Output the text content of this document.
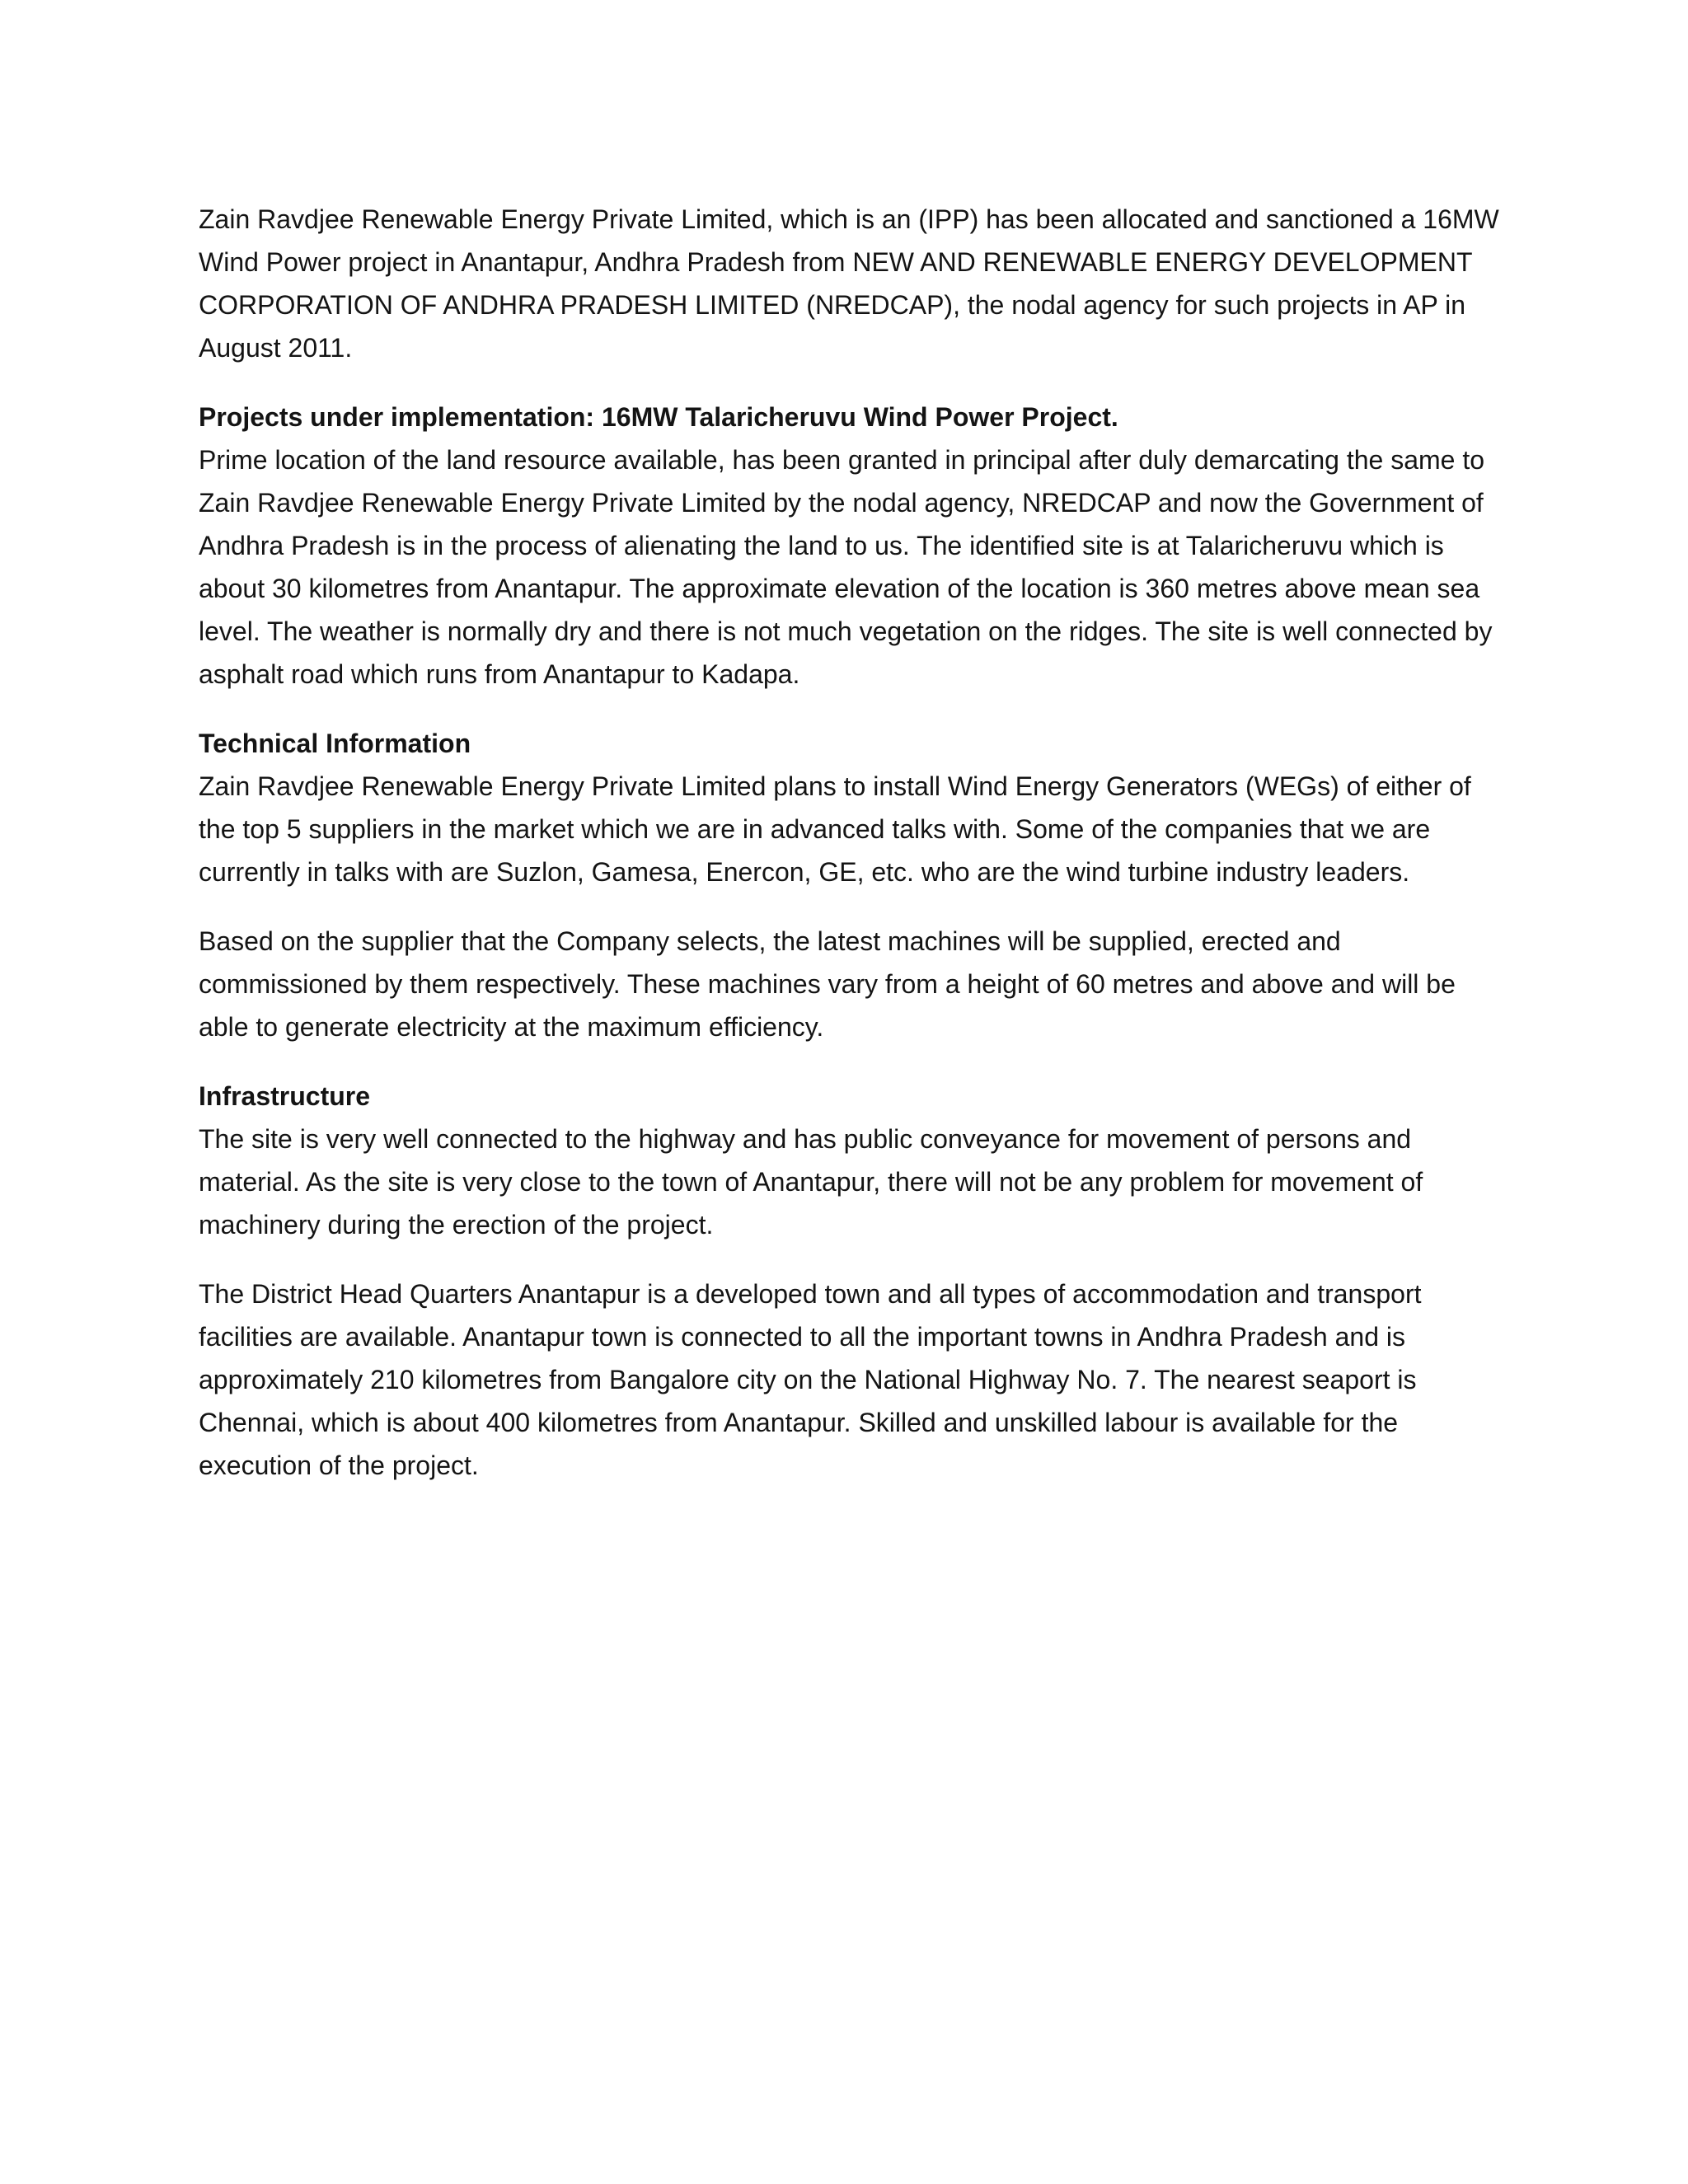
Zain Ravdjee Renewable Energy Private Limited, which is an (IPP) has been allocated and sanctioned a 16MW Wind Power project in Anantapur, Andhra Pradesh from NEW AND RENEWABLE ENERGY DEVELOPMENT CORPORATION OF ANDHRA PRADESH LIMITED (NREDCAP), the nodal agency for such projects in AP in August 2011.

Projects under implementation: 16MW Talaricheruvu Wind Power Project.

Prime location of the land resource available, has been granted in principal after duly demarcating the same to Zain Ravdjee Renewable Energy Private Limited by the nodal agency, NREDCAP and now the Government of Andhra Pradesh is in the process of alienating the land to us. The identified site is at Talaricheruvu which is about 30 kilometres from Anantapur. The approximate elevation of the location is 360 metres above mean sea level. The weather is normally dry and there is not much vegetation on the ridges. The site is well connected by asphalt road which runs from Anantapur to Kadapa.

Technical Information

Zain Ravdjee Renewable Energy Private Limited plans to install Wind Energy Generators (WEGs) of either of the top 5 suppliers in the market which we are in advanced talks with. Some of the companies that we are currently in talks with are Suzlon, Gamesa, Enercon, GE, etc. who are the wind turbine industry leaders.

Based on the supplier that the Company selects, the latest machines will be supplied, erected and commissioned by them respectively. These machines vary from a height of 60 metres and above and will be able to generate electricity at the maximum efficiency.

Infrastructure

The site is very well connected to the highway and has public conveyance for movement of persons and material. As the site is very close to the town of Anantapur, there will not be any problem for movement of machinery during the erection of the project.

The District Head Quarters Anantapur is a developed town and all types of accommodation and transport facilities are available. Anantapur town is connected to all the important towns in Andhra Pradesh and is approximately 210 kilometres from Bangalore city on the National Highway No. 7. The nearest seaport is Chennai, which is about 400 kilometres from Anantapur. Skilled and unskilled labour is available for the execution of the project.
